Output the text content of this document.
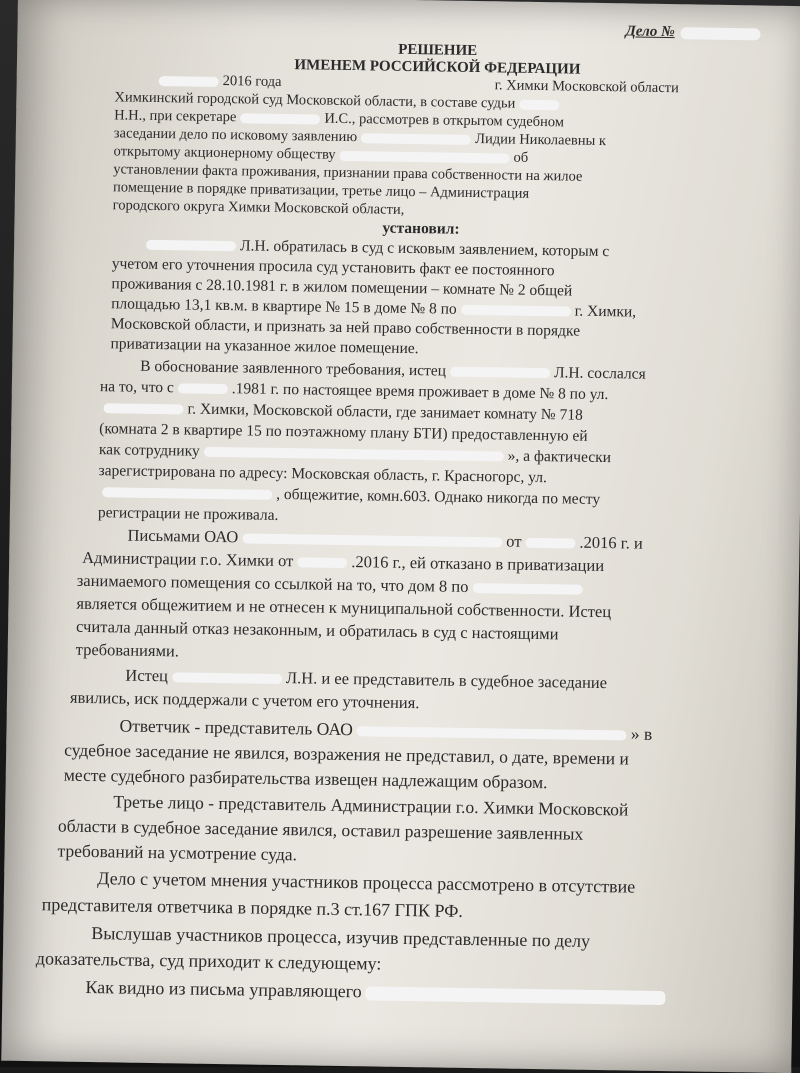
Дело №
РЕШЕНИЕ
ИМЕНЕМ РОССИЙСКОЙ ФЕДЕРАЦИИ
2016 года	г. Химки Московской области
Химкинский городской суд Московской области, в составе судьи
Н.Н., при секретаре	И.С., рассмотрев в открытом судебном
заседании дело по исковому заявлению	Лидии Николаевны к
открытому акционерному обществу	об
установлении факта проживания, признании права собственности на жилое
помещение в порядке приватизации, третье лицо – Администрация
городского округа Химки Московской области,
установил:
Л.Н. обратилась в суд с исковым заявлением, которым с
учетом его уточнения просила суд установить факт ее постоянного
проживания с 28.10.1981 г. в жилом помещении – комнате № 2 общей
площадью 13,1 кв.м. в квартире № 15 в доме № 8 по	г. Химки,
Московской области, и признать за ней право собственности в порядке
приватизации на указанное жилое помещение.
В обоснование заявленного требования, истец	Л.Н. сослался
на то, что с	.1981 г. по настоящее время проживает в доме № 8 по ул.
г. Химки, Московской области, где занимает комнату № 718
(комната 2 в квартире 15 по поэтажному плану БТИ) предоставленную ей
как сотруднику	», а фактически
зарегистрирована по адресу: Московская область, г. Красногорс, ул.
, общежитие, комн.603. Однако никогда по месту
регистрации не проживала.
Письмами ОАО	от	.2016 г. и
Администрации г.о. Химки от	.2016 г., ей отказано в приватизации
занимаемого помещения со ссылкой на то, что дом 8 по
является общежитием и не отнесен к муниципальной собственности. Истец
считала данный отказ незаконным, и обратилась в суд с настоящими
требованиями.
Истец	Л.Н. и ее представитель в судебное заседание
явились, иск поддержали с учетом его уточнения.
Ответчик - представитель ОАО	» в
судебное заседание не явился, возражения не представил, о дате, времени и
месте судебного разбирательства извещен надлежащим образом.
Третье лицо - представитель Администрации г.о. Химки Московской
области в судебное заседание явился, оставил разрешение заявленных
требований на усмотрение суда.
Дело с учетом мнения участников процесса рассмотрено в отсутствие
представителя ответчика в порядке п.3 ст.167 ГПК РФ.
Выслушав участников процесса, изучив представленные по делу
доказательства, суд приходит к следующему:
Как видно из письма управляющего
